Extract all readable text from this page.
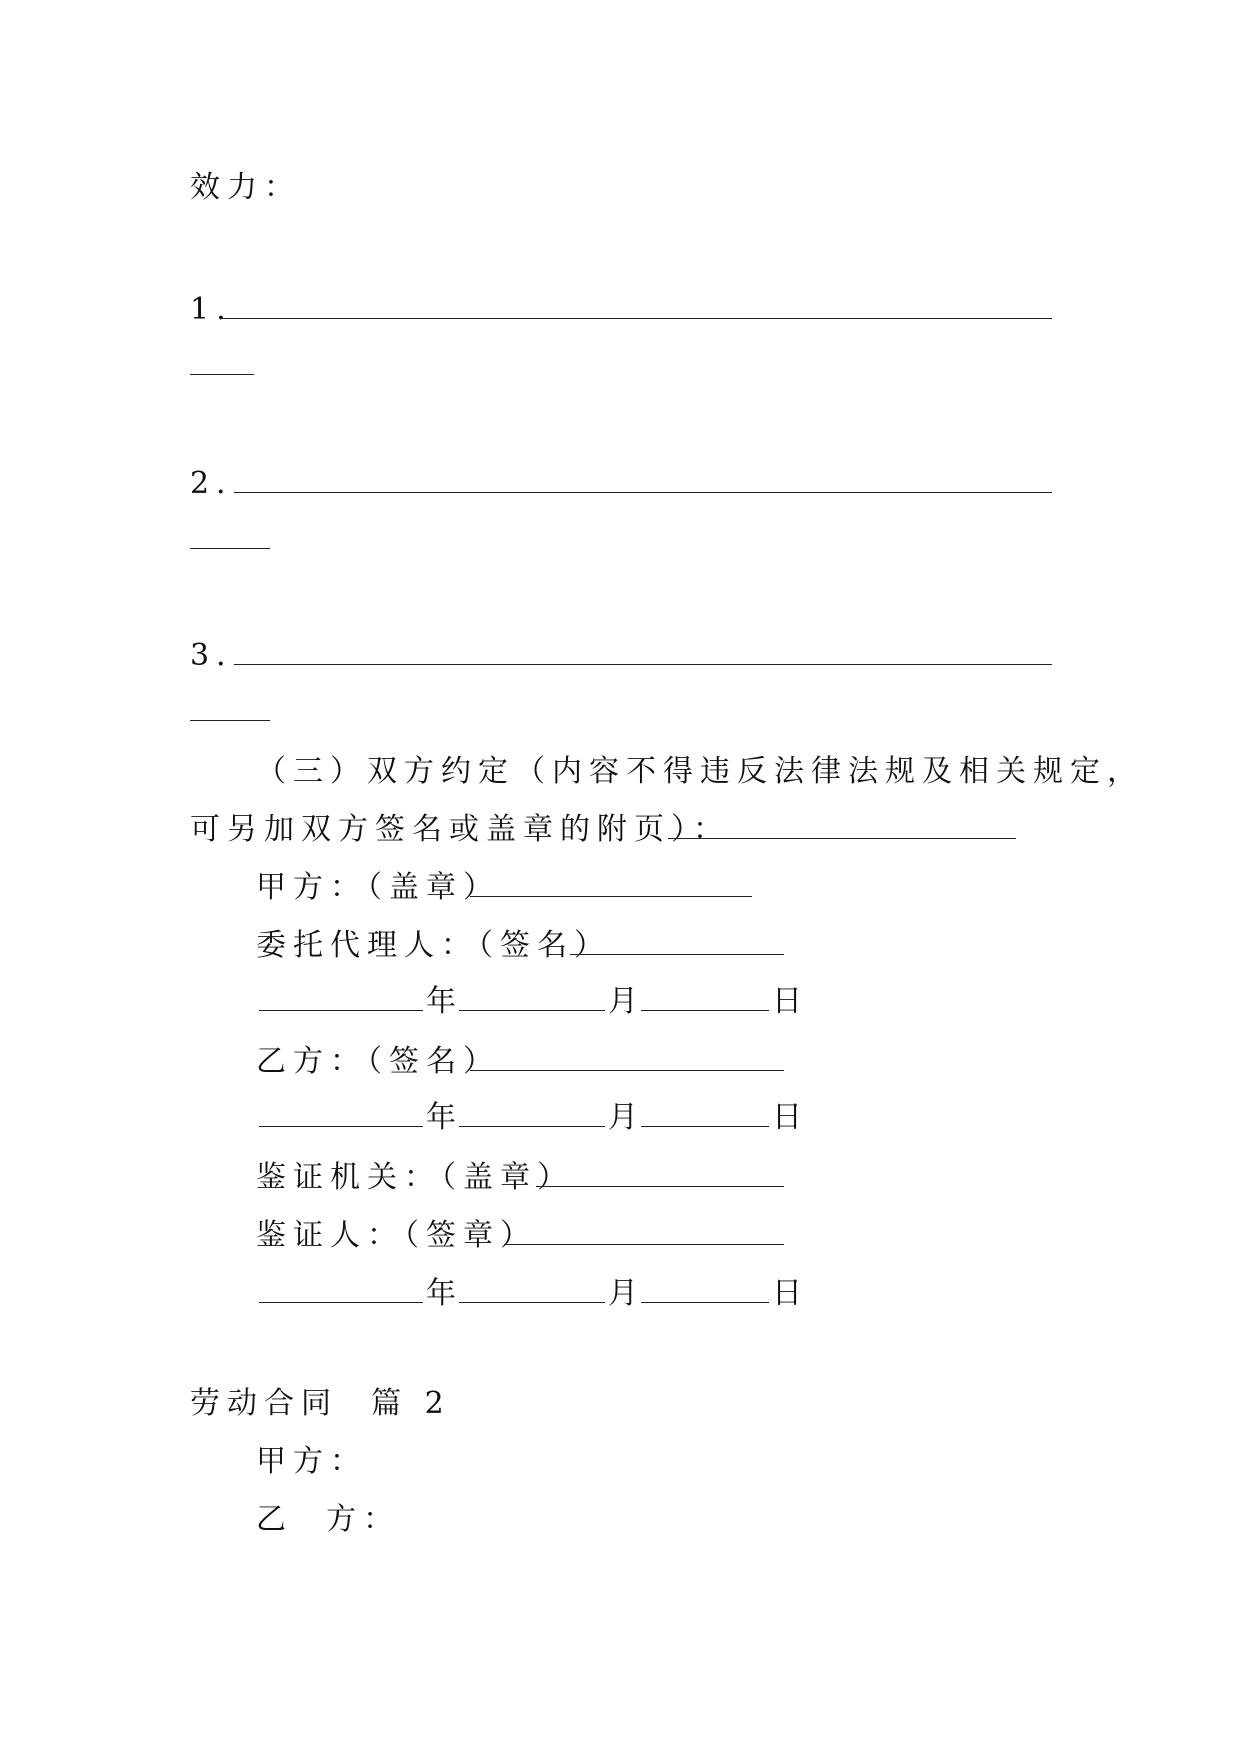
效力：
1.
2．
3．
（三）双方约定（内容不得违反法律法规及相关规定，
可另加双方签名或盖章的附页）：
甲方：（盖章）
委托代理人：（签名）
年	月	日
乙方：（签名）
年	月	日
鉴证机关：（盖章）
鉴证人：（签章）
年	月	日
劳动合同  篇 2
甲方：
乙  方：
